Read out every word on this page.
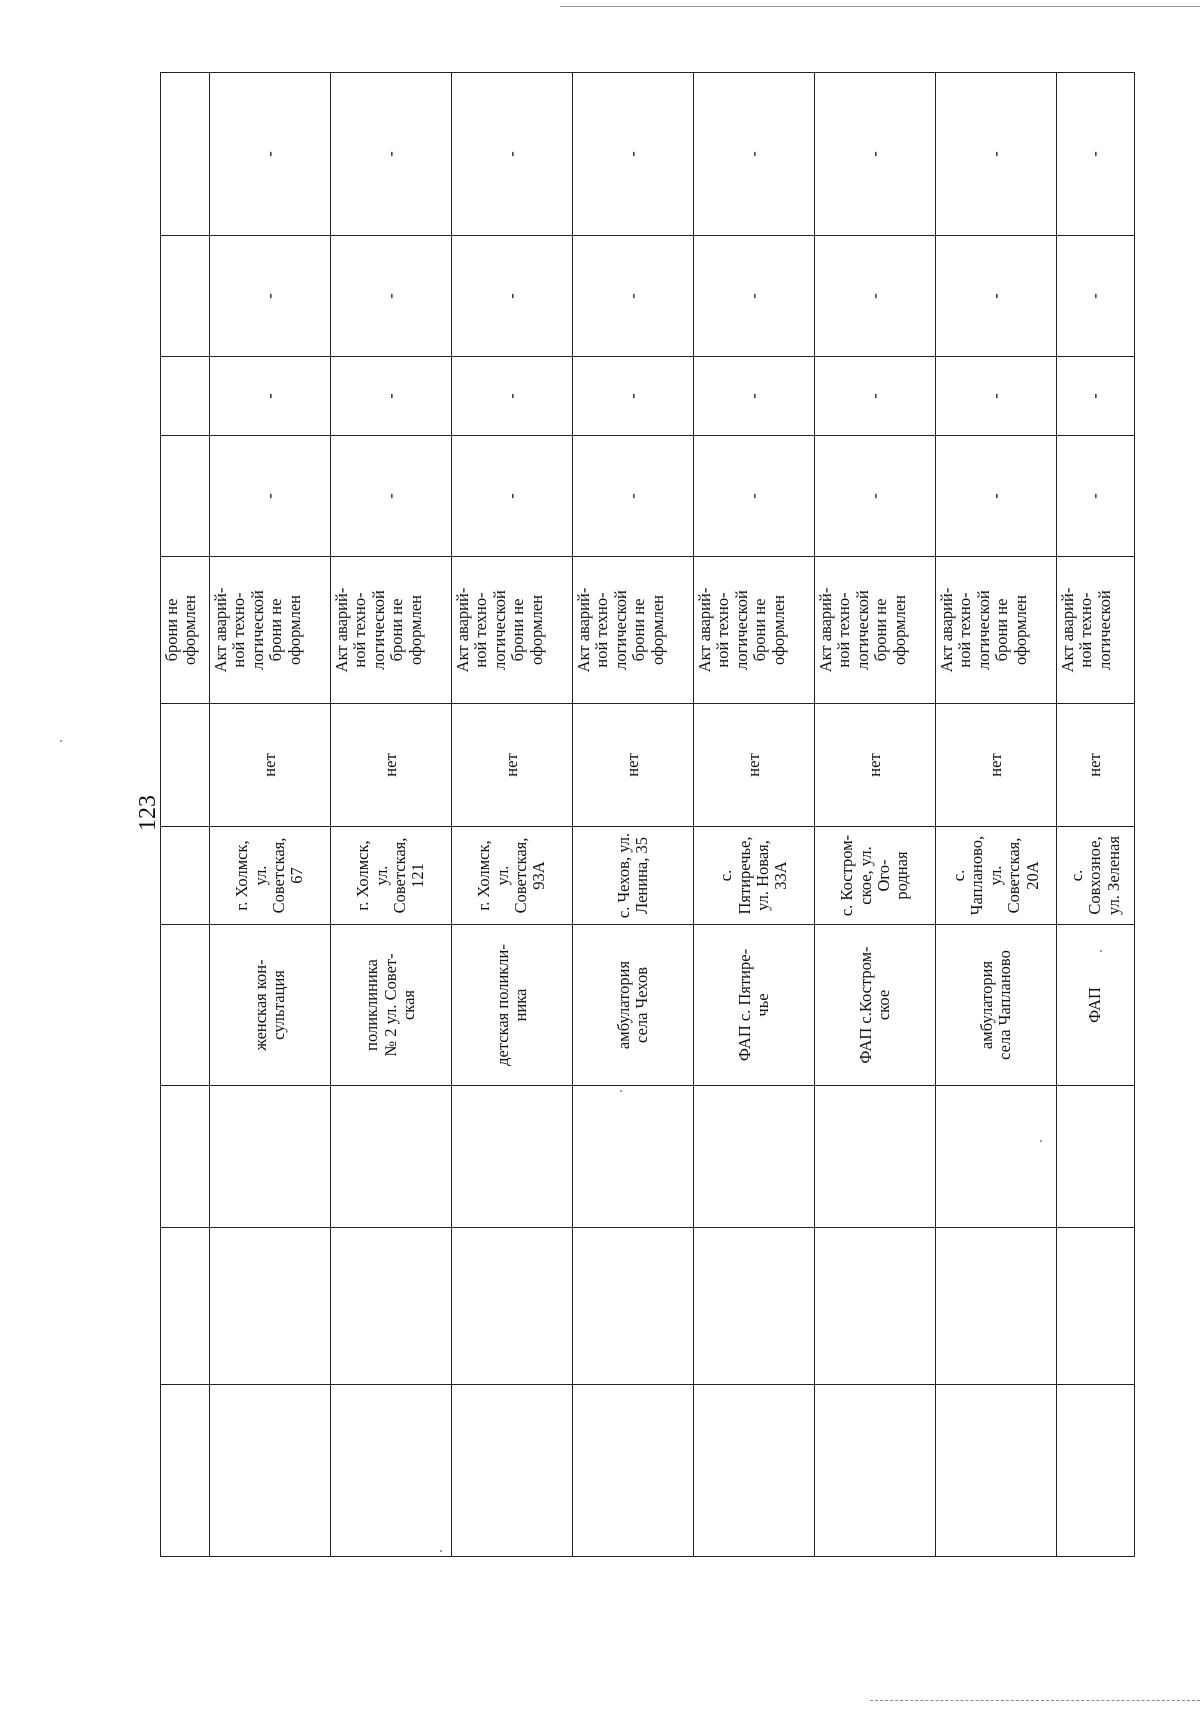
123
						брони не
оформлен				
			женская кон-
сультация	г. Холмск, ул.
Советская, 67	нет	Акт аварий-
ной техно-
логической
брони не
оформлен	-	-	-	-
			поликлиника
№ 2 ул. Совет-
ская	г. Холмск, ул.
Советская, 121	нет	Акт аварий-
ной техно-
логической
брони не
оформлен	-	-	-	-
			детская поликли-
ника	г. Холмск, ул.
Советская,
93А	нет	Акт аварий-
ной техно-
логической
брони не
оформлен	-	-	-	-
			амбулатория
села Чехов	с. Чехов, ул.
Ленина, 35	нет	Акт аварий-
ной техно-
логической
брони не
оформлен	-	-	-	-
			ФАП с. Пятире-
чье	с. Пятиречье,
ул. Новая, 33А	нет	Акт аварий-
ной техно-
логической
брони не
оформлен	-	-	-	-
			ФАП с.Костром-
ское	с. Костром-
ское, ул. Ого-
родная	нет	Акт аварий-
ной техно-
логической
брони не
оформлен	-	-	-	-
			амбулатория
села Чапланово	с. Чапланово,
ул. Советская,
20А	нет	Акт аварий-
ной техно-
логической
брони не
оформлен	-	-	-	-
			ФАП	с. Совхозное,
ул. Зеленая	нет	Акт аварий-
ной техно-
логической	-	-	-	-
